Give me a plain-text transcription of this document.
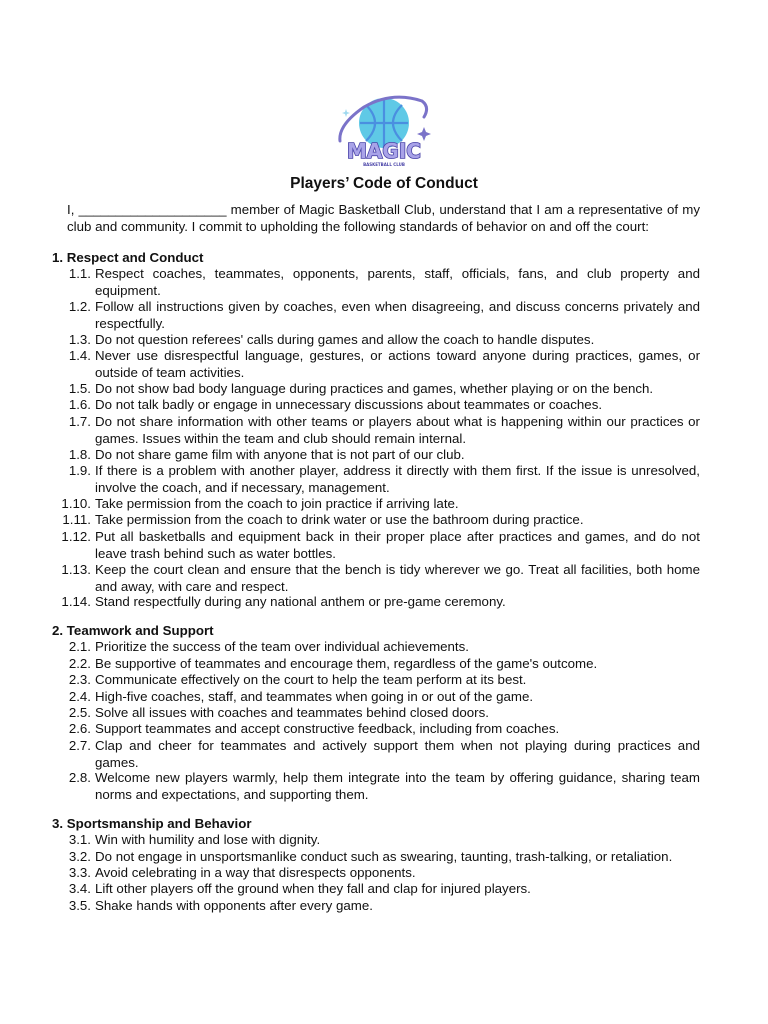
MAGIC
BASKETBALL CLUB
Players’ Code of Conduct
I, ____________________ member of Magic Basketball Club, understand that I am a representative of my club and community. I commit to upholding the following standards of behavior on and off the court:
1. Respect and Conduct
1.1. Respect coaches, teammates, opponents, parents, staff, officials, fans, and club property and equipment.
1.2. Follow all instructions given by coaches, even when disagreeing, and discuss concerns privately and respectfully.
1.3. Do not question referees' calls during games and allow the coach to handle disputes.
1.4. Never use disrespectful language, gestures, or actions toward anyone during practices, games, or outside of team activities.
1.5. Do not show bad body language during practices and games, whether playing or on the bench.
1.6. Do not talk badly or engage in unnecessary discussions about teammates or coaches.
1.7. Do not share information with other teams or players about what is happening within our practices or games. Issues within the team and club should remain internal.
1.8. Do not share game film with anyone that is not part of our club.
1.9. If there is a problem with another player, address it directly with them first. If the issue is unresolved, involve the coach, and if necessary, management.
1.10. Take permission from the coach to join practice if arriving late.
1.11. Take permission from the coach to drink water or use the bathroom during practice.
1.12. Put all basketballs and equipment back in their proper place after practices and games, and do not leave trash behind such as water bottles.
1.13. Keep the court clean and ensure that the bench is tidy wherever we go. Treat all facilities, both home and away, with care and respect.
1.14. Stand respectfully during any national anthem or pre-game ceremony.
2. Teamwork and Support
2.1. Prioritize the success of the team over individual achievements.
2.2. Be supportive of teammates and encourage them, regardless of the game's outcome.
2.3. Communicate effectively on the court to help the team perform at its best.
2.4. High-five coaches, staff, and teammates when going in or out of the game.
2.5. Solve all issues with coaches and teammates behind closed doors.
2.6. Support teammates and accept constructive feedback, including from coaches.
2.7. Clap and cheer for teammates and actively support them when not playing during practices and games.
2.8. Welcome new players warmly, help them integrate into the team by offering guidance, sharing team norms and expectations, and supporting them.
3. Sportsmanship and Behavior
3.1. Win with humility and lose with dignity.
3.2. Do not engage in unsportsmanlike conduct such as swearing, taunting, trash-talking, or retaliation.
3.3. Avoid celebrating in a way that disrespects opponents.
3.4. Lift other players off the ground when they fall and clap for injured players.
3.5. Shake hands with opponents after every game.
